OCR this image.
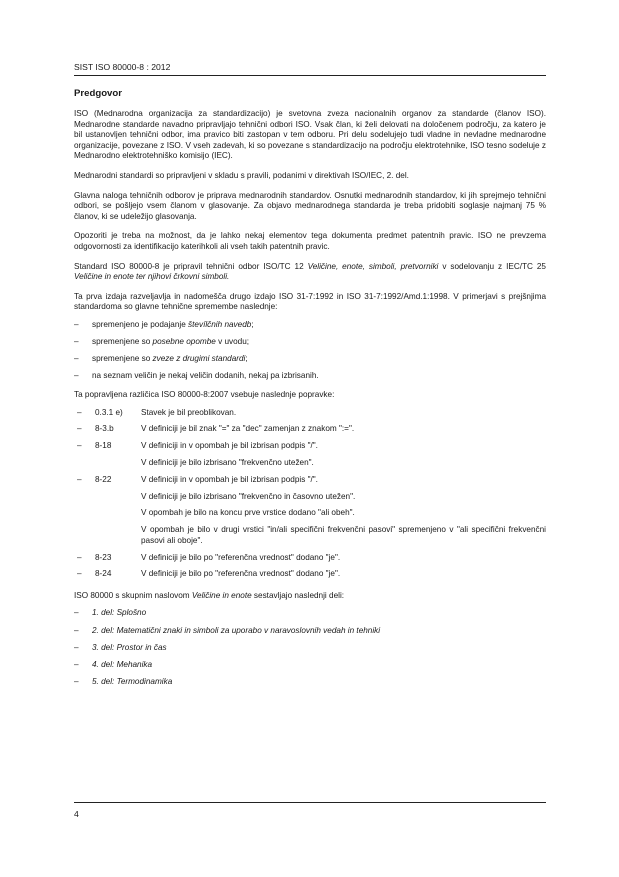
SIST ISO 80000-8 : 2012
Predgovor

ISO (Mednarodna organizacija za standardizacijo) je svetovna zveza nacionalnih organov za standarde (članov ISO). Mednarodne standarde navadno pripravljajo tehnični odbori ISO. Vsak član, ki želi delovati na določenem področju, za katero je bil ustanovljen tehnični odbor, ima pravico biti zastopan v tem odboru. Pri delu sodelujejo tudi vladne in nevladne mednarodne organizacije, povezane z ISO. V vseh zadevah, ki so povezane s standardizacijo na področju elektrotehnike, ISO tesno sodeluje z Mednarodno elektrotehniško komisijo (IEC).

Mednarodni standardi so pripravljeni v skladu s pravili, podanimi v direktivah ISO/IEC, 2. del.

Glavna naloga tehničnih odborov je priprava mednarodnih standardov. Osnutki mednarodnih standardov, ki jih sprejmejo tehnični odbori, se pošljejo vsem članom v glasovanje. Za objavo mednarodnega standarda je treba pridobiti soglasje najmanj 75 % članov, ki se udeležijo glasovanja.

Opozoriti je treba na možnost, da je lahko nekaj elementov tega dokumenta predmet patentnih pravic. ISO ne prevzema odgovornosti za identifikacijo katerihkoli ali vseh takih patentnih pravic.

Standard ISO 80000-8 je pripravil tehnični odbor ISO/TC 12 Veličine, enote, simboli, pretvorniki v sodelovanju z IEC/TC 25 Veličine in enote ter njihovi črkovni simboli.

Ta prva izdaja razveljavlja in nadomešča drugo izdajo ISO 31-7:1992 in ISO 31-7:1992/Amd.1:1998. V primerjavi s prejšnjima standardoma so glavne tehnične spremembe naslednje:

– spremenjeno je podajanje števílčnih navedb;
– spremenjene so posebne opombe v uvodu;
– spremenjene so zveze z drugimi standardi;
– na seznam veličin je nekaj veličin dodanih, nekaj pa izbrisanih.

Ta popravljena različica ISO 80000-8:2007 vsebuje naslednje popravke:

– 0.3.1 e) Stavek je bil preoblikovan.
– 8-3.b	V definiciji je bil znak "=" za "dec" zamenjan z znakom ":=".
– 8-18	V definiciji in v opombah je bil izbrisan podpis "/".
V definiciji je bilo izbrisano "frekvenčno utežen".
– 8-22	V definiciji in v opombah je bil izbrisan podpis "/".
V definiciji je bilo izbrisano "frekvenčno in časovno utežen".
V opombah je bilo na koncu prve vrstice dodano "ali obeh".
V opombah je bilo v drugi vrstici "in/ali specifični frekvenčni pasovi" spremenjeno v "ali specifični frekvenčni pasovi ali oboje".
– 8-23	V definiciji je bilo po "referenčna vrednost" dodano "je".
– 8-24	V definiciji je bilo po "referenčna vrednost" dodano "je".

ISO 80000 s skupnim naslovom Veličine in enote sestavljajo naslednji deli:

– 1. del: Splošno
– 2. del: Matematični znaki in simboli za uporabo v naravoslovnih vedah in tehniki
– 3. del: Prostor in čas
– 4. del: Mehanika
– 5. del: Termodinamika
4
